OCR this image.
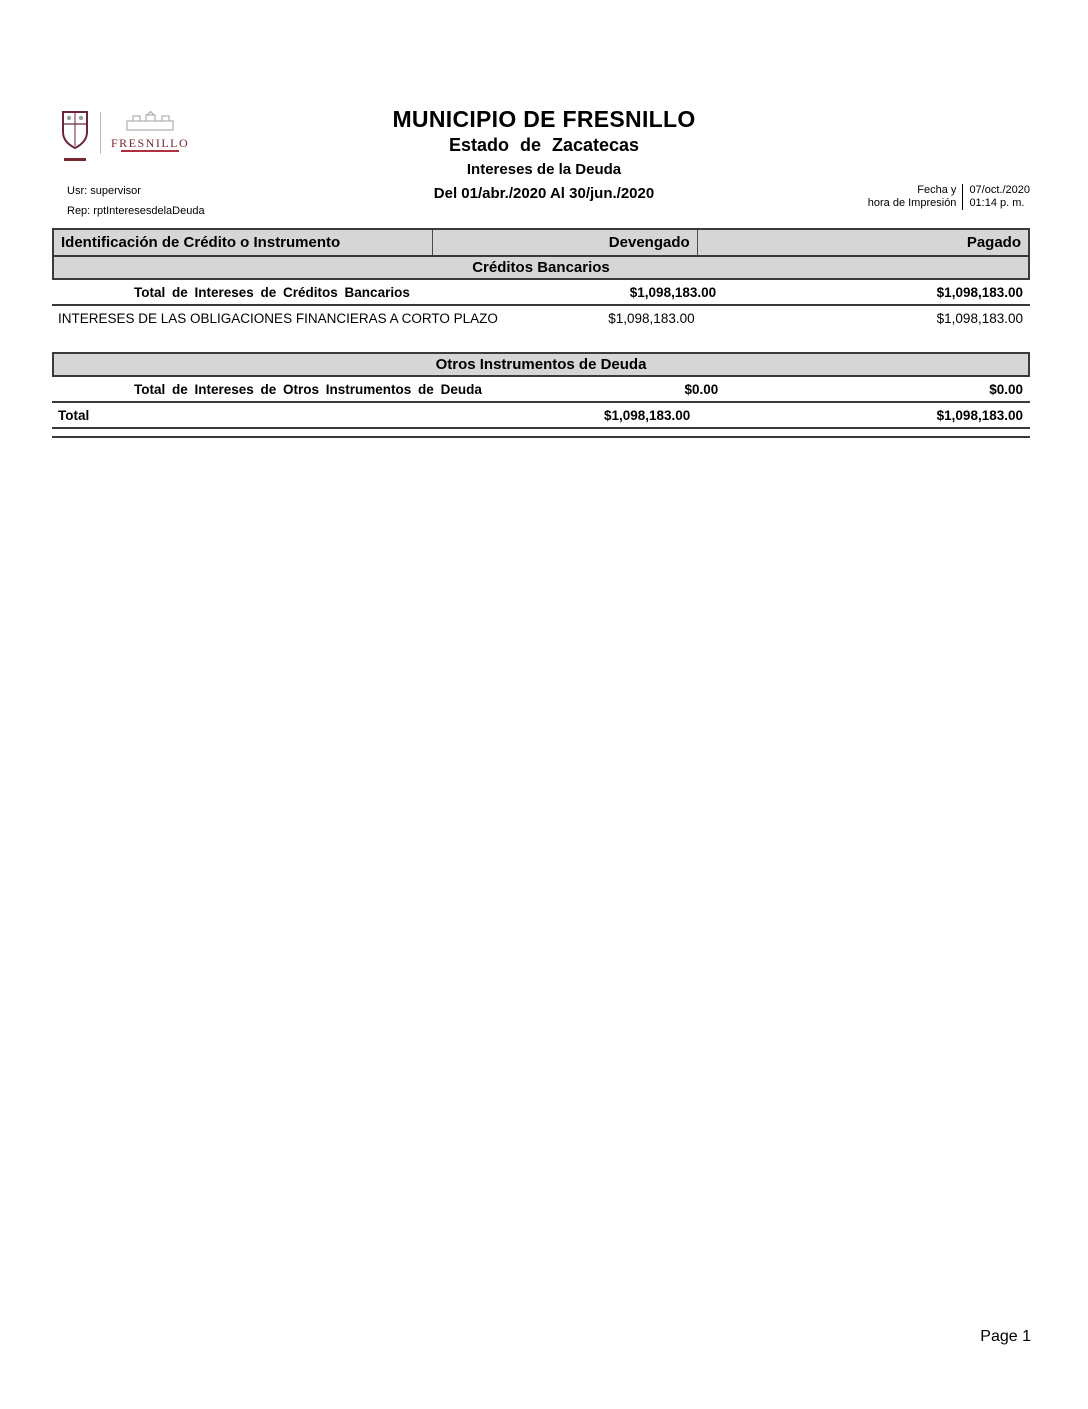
FRESNILLO
MUNICIPIO DE FRESNILLO
Estado de Zacatecas
Intereses de la Deuda
Del 01/abr./2020 Al 30/jun./2020
Usr: supervisor
Rep: rptInteresesdelaDeuda
Fecha y
hora de Impresión
07/oct./2020
01:14 p. m.
Identificación de Crédito o Instrumento	Devengado	Pagado
Créditos Bancarios
Total de Intereses de Créditos Bancarios	$1,098,183.00	$1,098,183.00
INTERESES DE LAS OBLIGACIONES FINANCIERAS A CORTO PLAZO	$1,098,183.00	$1,098,183.00
Otros Instrumentos de Deuda
Total de Intereses de Otros Instrumentos de Deuda	$0.00	$0.00
Total	$1,098,183.00	$1,098,183.00
Page 1
